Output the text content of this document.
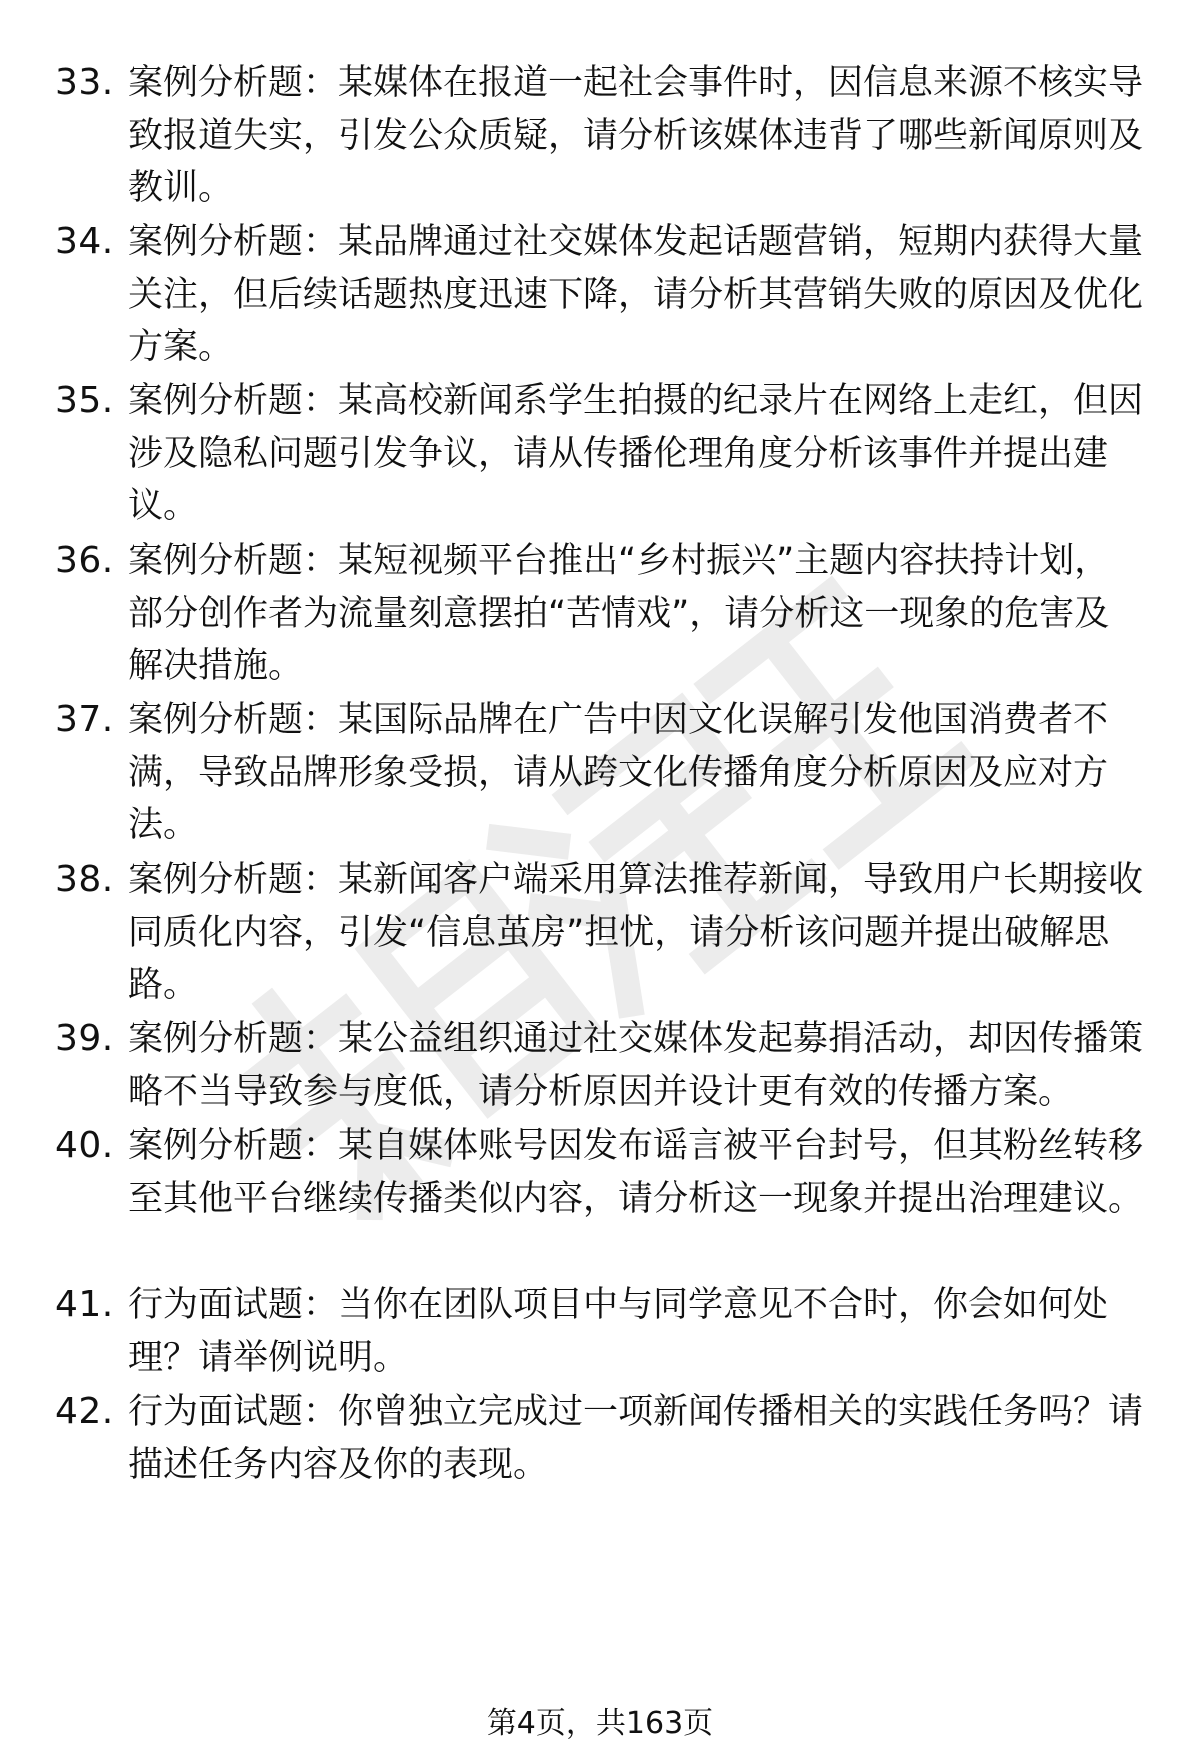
33. 案例分析题：某媒体在报道一起社会事件时，因信息来源不核实导致报道失实，引发公众质疑，请分析该媒体违背了哪些新闻原则及教训。

34. 案例分析题：某品牌通过社交媒体发起话题营销，短期内获得大量关注，但后续话题热度迅速下降，请分析其营销失败的原因及优化方案。

35. 案例分析题：某高校新闻系学生拍摄的纪录片在网络上走红，但因涉及隐私问题引发争议，请从传播伦理角度分析该事件并提出建议。

36. 案例分析题：某短视频平台推出“乡村振兴”主题内容扶持计划，部分创作者为流量刻意摆拍“苦情戏”，请分析这一现象的危害及解决措施。

37. 案例分析题：某国际品牌在广告中因文化误解引发他国消费者不满，导致品牌形象受损，请从跨文化传播角度分析原因及应对方法。

38. 案例分析题：某新闻客户端采用算法推荐新闻，导致用户长期接收同质化内容，引发“信息茧房”担忧，请分析该问题并提出破解思路。

39. 案例分析题：某公益组织通过社交媒体发起募捐活动，却因传播策略不当导致参与度低，请分析原因并设计更有效的传播方案。

40. 案例分析题：某自媒体账号因发布谣言被平台封号，但其粉丝转移至其他平台继续传播类似内容，请分析这一现象并提出治理建议。

41. 行为面试题：当你在团队项目中与同学意见不合时，你会如何处理？请举例说明。

42. 行为面试题：你曾独立完成过一项新闻传播相关的实践任务吗？请描述任务内容及你的表现。

第4页，共163页
